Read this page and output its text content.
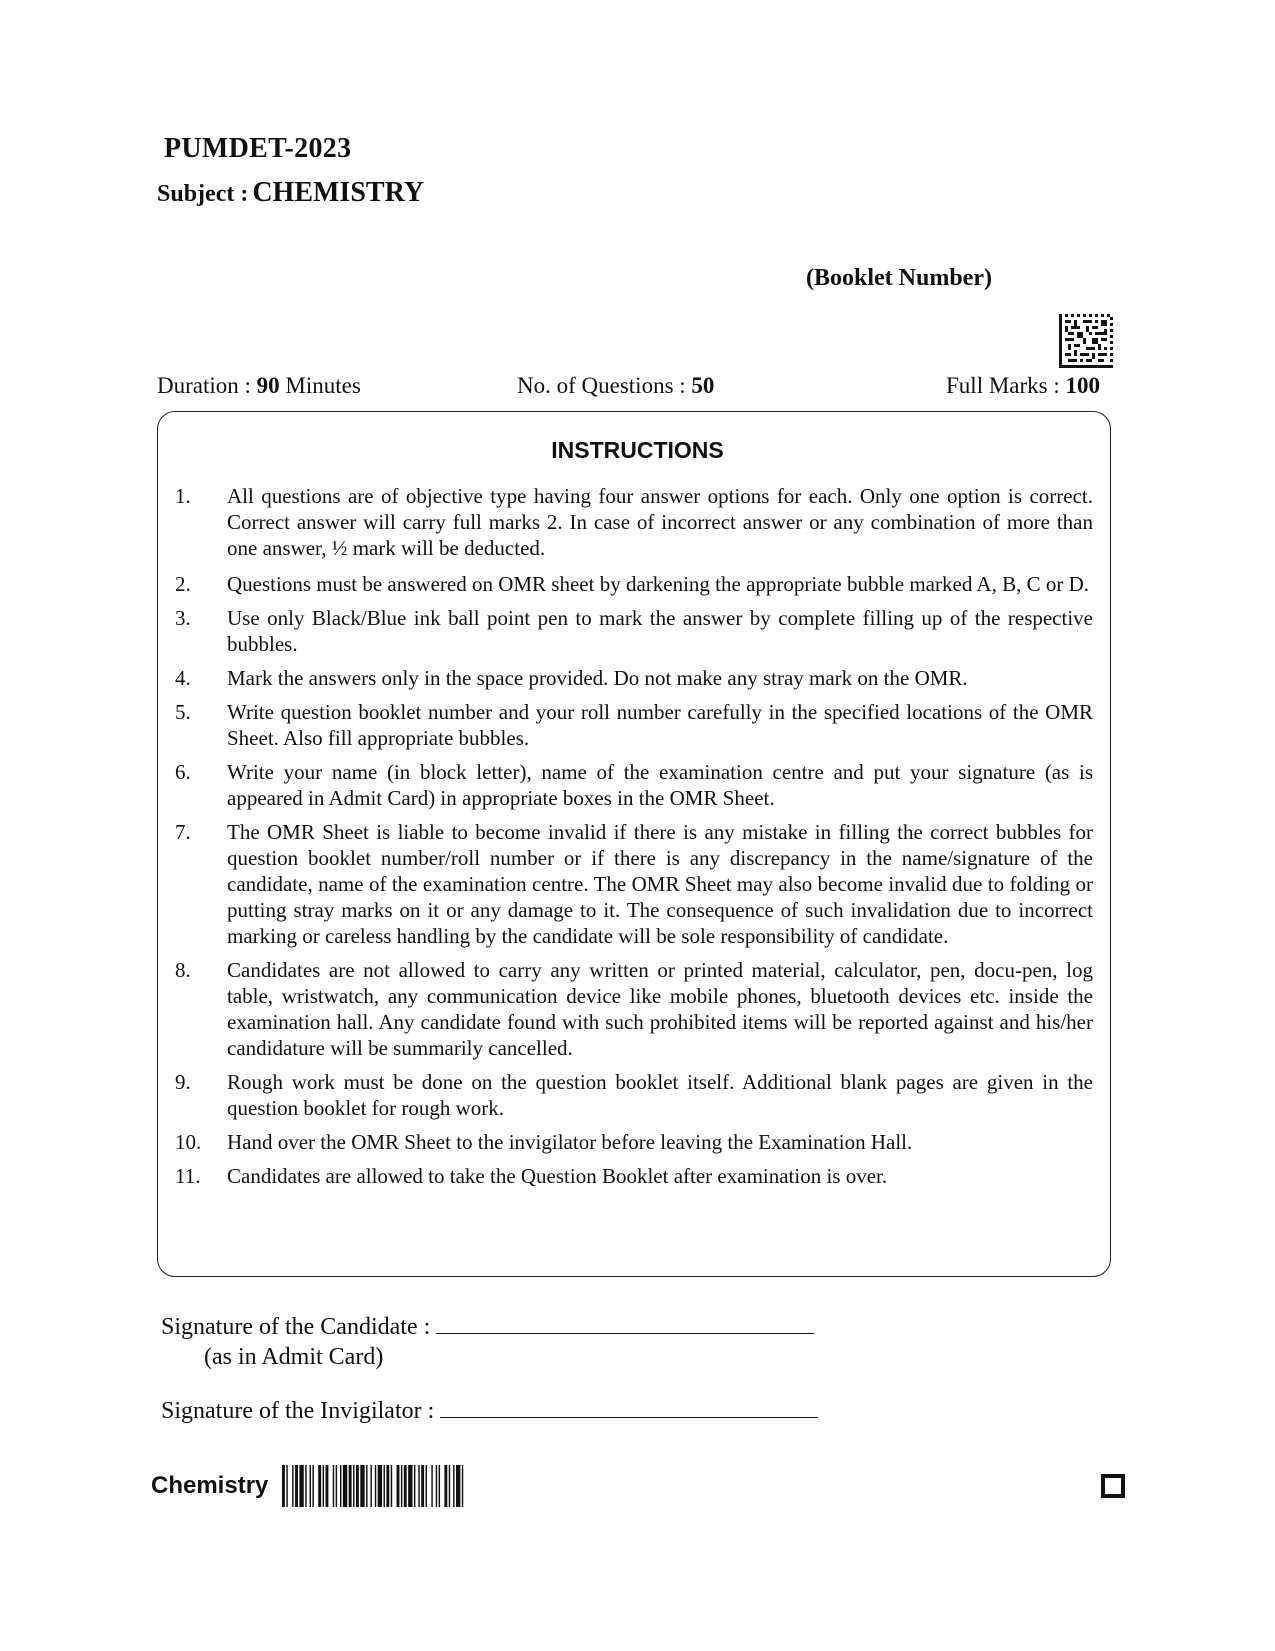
PUMDET-2023
Subject : CHEMISTRY
(Booklet Number)
Duration : 90 Minutes	No. of Questions : 50	Full Marks : 100
INSTRUCTIONS
1.	All questions are of objective type having four answer options for each. Only one option is correct. Correct answer will carry full marks 2. In case of incorrect answer or any combination of more than one answer, ½ mark will be deducted.
2.	Questions must be answered on OMR sheet by darkening the appropriate bubble marked A, B, C or D.
3.	Use only Black/Blue ink ball point pen to mark the answer by complete filling up of the respective bubbles.
4.	Mark the answers only in the space provided. Do not make any stray mark on the OMR.
5.	Write question booklet number and your roll number carefully in the specified locations of the OMR Sheet. Also fill appropriate bubbles.
6.	Write your name (in block letter), name of the examination centre and put your signature (as is appeared in Admit Card) in appropriate boxes in the OMR Sheet.
7.	The OMR Sheet is liable to become invalid if there is any mistake in filling the correct bubbles for question booklet number/roll number or if there is any discrepancy in the name/signature of the candidate, name of the examination centre. The OMR Sheet may also become invalid due to folding or putting stray marks on it or any damage to it. The consequence of such invalidation due to incorrect marking or careless handling by the candidate will be sole responsibility of candidate.
8.	Candidates are not allowed to carry any written or printed material, calculator, pen, docu-pen, log table, wristwatch, any communication device like mobile phones, bluetooth devices etc. inside the examination hall. Any candidate found with such prohibited items will be reported against and his/her candidature will be summarily cancelled.
9.	Rough work must be done on the question booklet itself. Additional blank pages are given in the question booklet for rough work.
10.	Hand over the OMR Sheet to the invigilator before leaving the Examination Hall.
11.	Candidates are allowed to take the Question Booklet after examination is over.
Signature of the Candidate :
(as in Admit Card)
Signature of the Invigilator :
Chemistry
